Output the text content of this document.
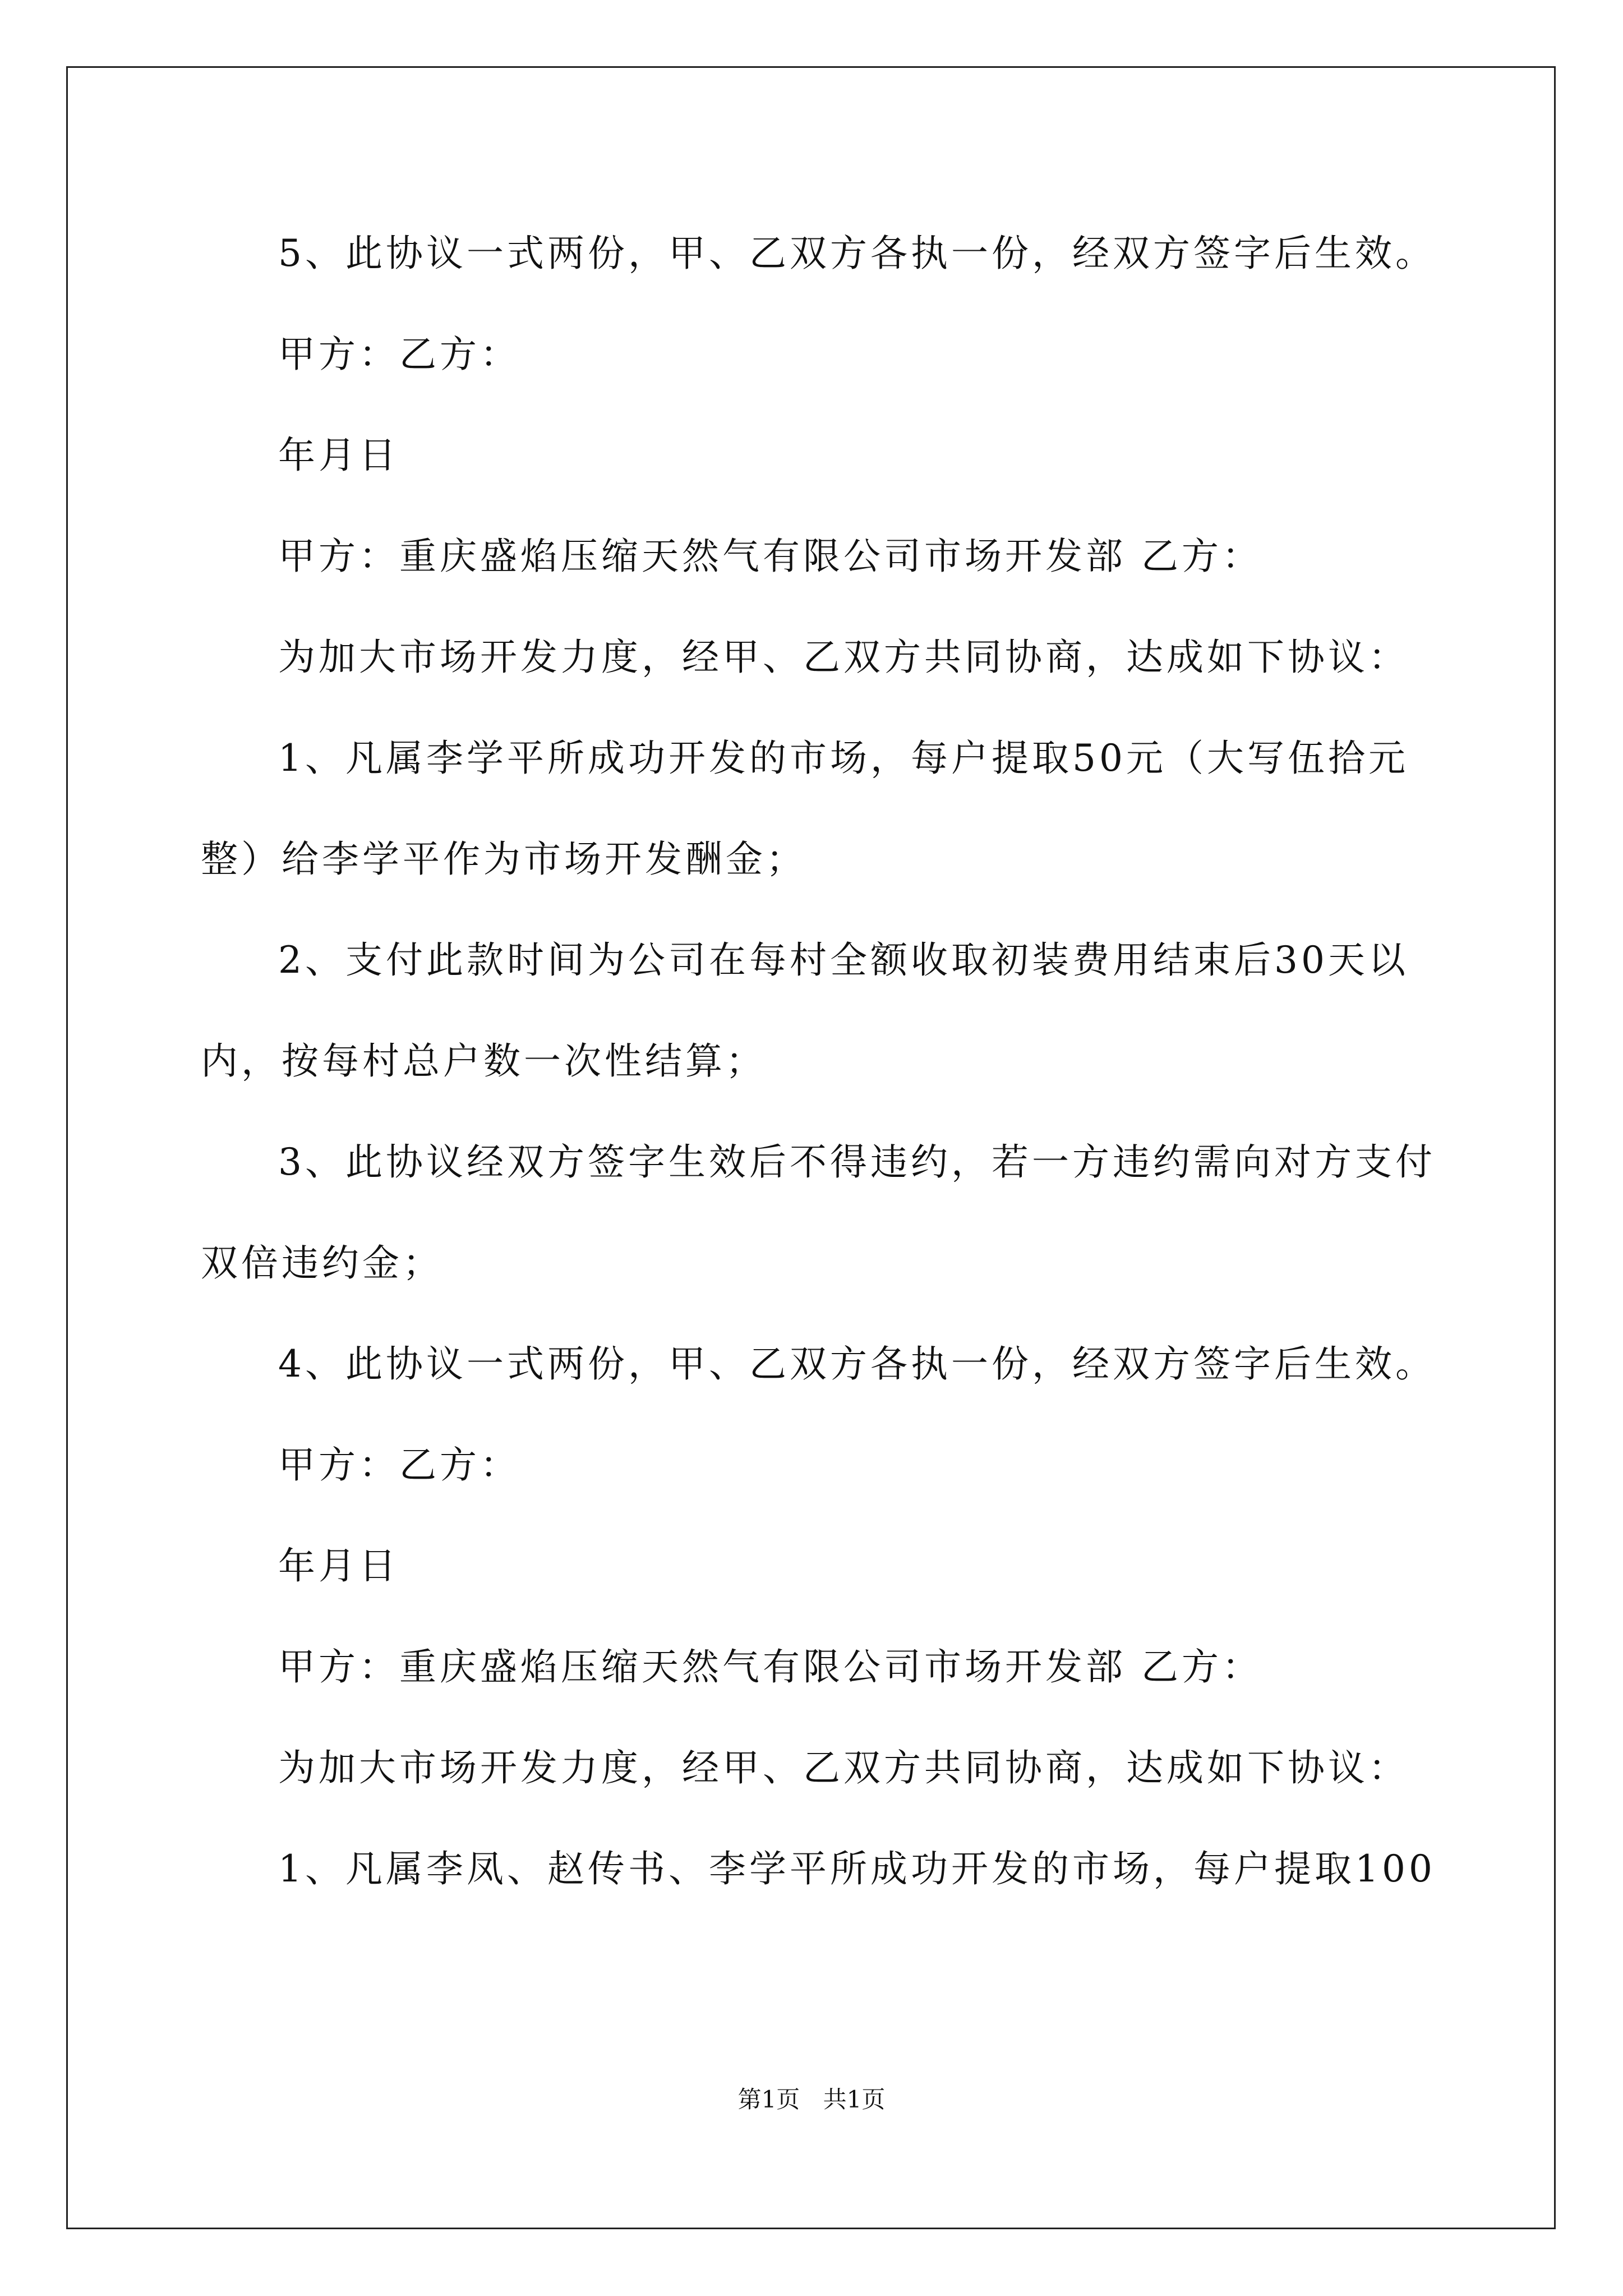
5、此协议一式两份，甲、乙双方各执一份，经双方签字后生效。
甲方：乙方：
年月日
甲方：重庆盛焰压缩天然气有限公司市场开发部 乙方：
为加大市场开发力度，经甲、乙双方共同协商，达成如下协议：
1、凡属李学平所成功开发的市场，每户提取50元（大写伍拾元
整）给李学平作为市场开发酬金；
2、支付此款时间为公司在每村全额收取初装费用结束后30天以
内，按每村总户数一次性结算；
3、此协议经双方签字生效后不得违约，若一方违约需向对方支付
双倍违约金；
4、此协议一式两份，甲、乙双方各执一份，经双方签字后生效。
甲方：乙方：
年月日
甲方：重庆盛焰压缩天然气有限公司市场开发部 乙方：
为加大市场开发力度，经甲、乙双方共同协商，达成如下协议：
1、凡属李凤、赵传书、李学平所成功开发的市场，每户提取100
第1页 共1页
